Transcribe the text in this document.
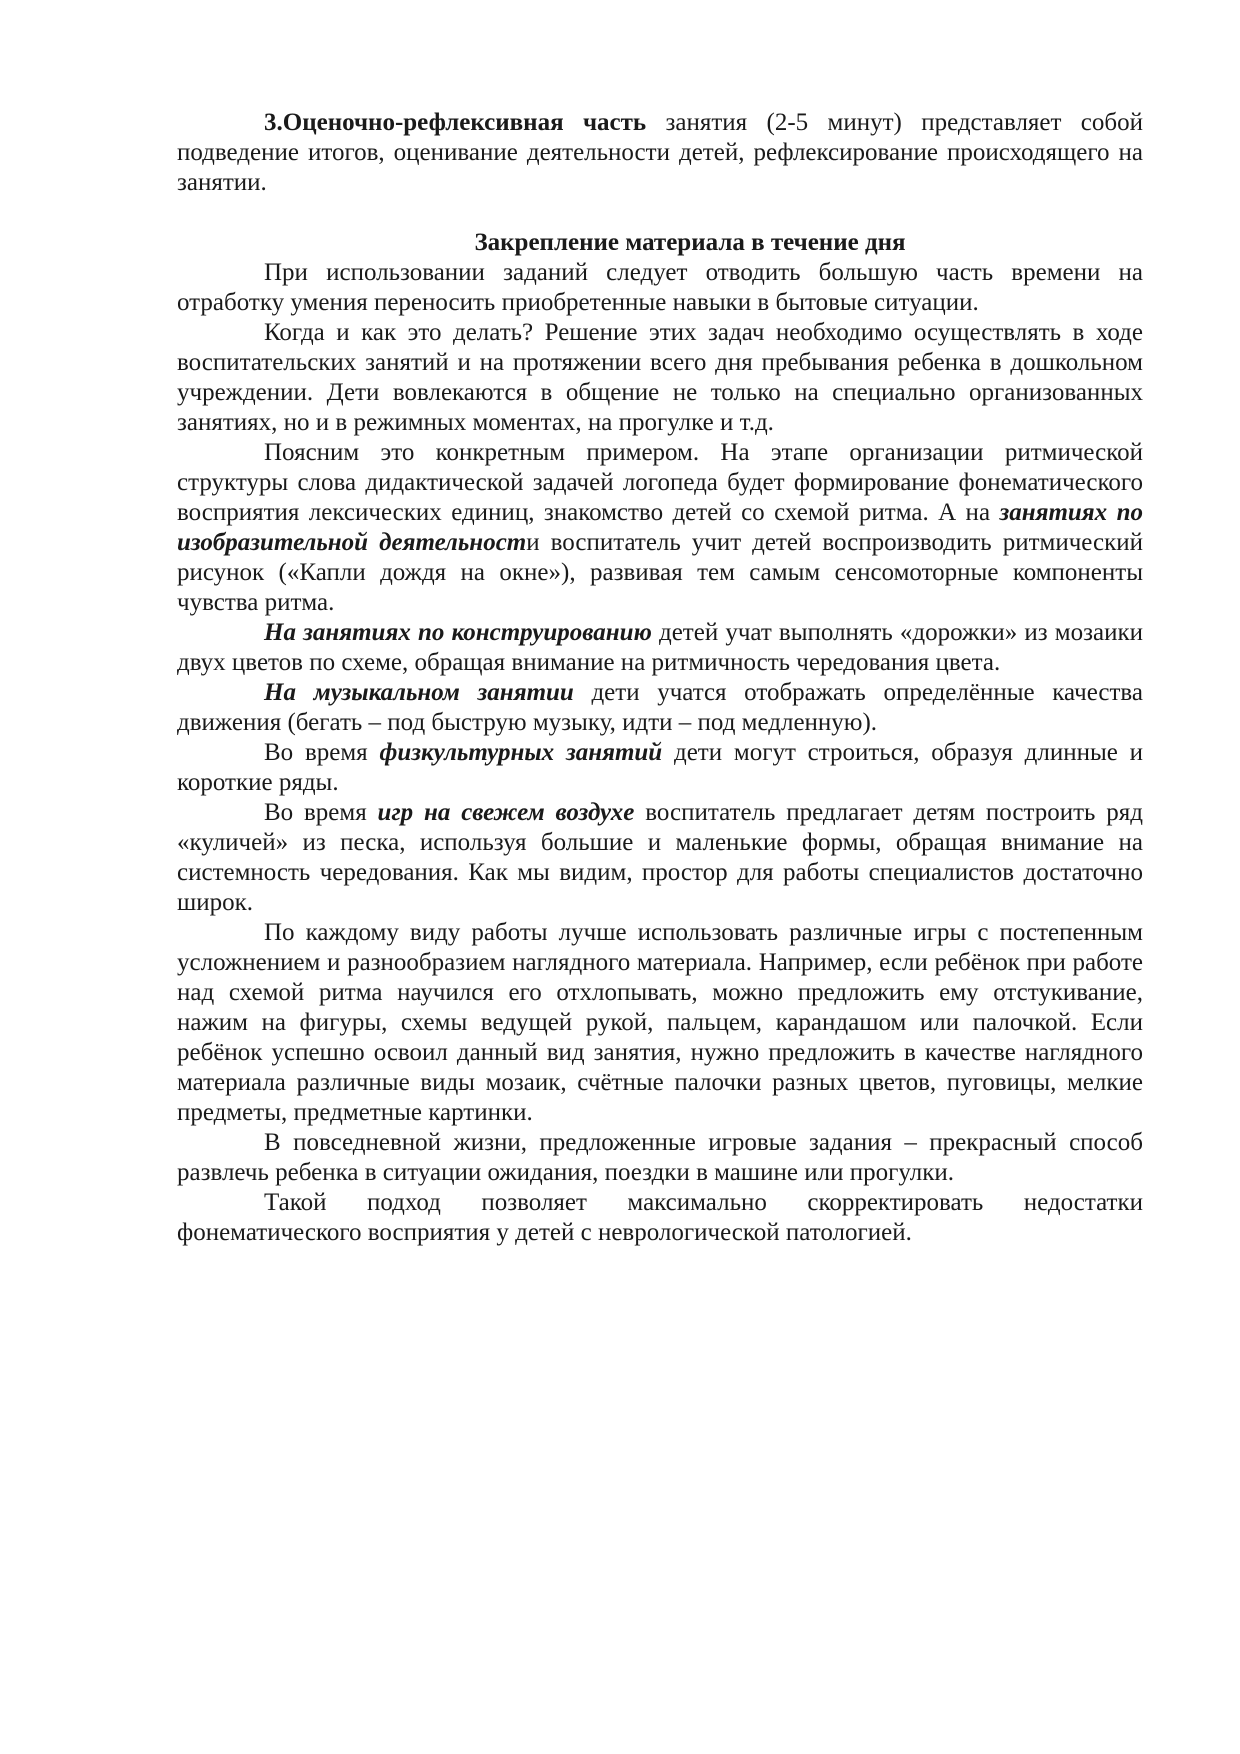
3.Оценочно-рефлексивная часть занятия (2-5 минут) представляет собой подведение итогов, оценивание деятельности детей, рефлексирование происходящего на занятии.

Закрепление материала в течение дня

При использовании заданий следует отводить большую часть времени на отработку умения переносить приобретенные навыки в бытовые ситуации.

Когда и как это делать? Решение этих задач необходимо осуществлять в ходе воспитательских занятий и на протяжении всего дня пребывания ребенка в дошкольном учреждении. Дети вовлекаются в общение не только на специально организованных занятиях, но и в режимных моментах, на прогулке и т.д.

Поясним это конкретным примером. На этапе организации ритмической структуры слова дидактической задачей логопеда будет формирование фонематического восприятия лексических единиц, знакомство детей со схемой ритма. А на занятиях по изобразительной деятельности воспитатель учит детей воспроизводить ритмический рисунок («Капли дождя на окне»), развивая тем самым сенсомоторные компоненты чувства ритма.

На занятиях по конструированию детей учат выполнять «дорожки» из мозаики двух цветов по схеме, обращая внимание на ритмичность чередования цвета.

На музыкальном занятии дети учатся отображать определённые качества движения (бегать – под быструю музыку, идти – под медленную).

Во время физкультурных занятий дети могут строиться, образуя длинные и короткие ряды.

Во время игр на свежем воздухе воспитатель предлагает детям построить ряд «куличей» из песка, используя большие и маленькие формы, обращая внимание на системность чередования. Как мы видим, простор для работы специалистов достаточно широк.

По каждому виду работы лучше использовать различные игры с постепенным усложнением и разнообразием наглядного материала. Например, если ребёнок при работе над схемой ритма научился его отхлопывать, можно предложить ему отстукивание, нажим на фигуры, схемы ведущей рукой, пальцем, карандашом или палочкой. Если ребёнок успешно освоил данный вид занятия, нужно предложить в качестве наглядного материала различные виды мозаик, счётные палочки разных цветов, пуговицы, мелкие предметы, предметные картинки.

В повседневной жизни, предложенные игровые задания – прекрасный способ развлечь ребенка в ситуации ожидания, поездки в машине или прогулки.

Такой подход позволяет максимально скорректировать недостатки фонематического восприятия у детей с неврологической патологией.
